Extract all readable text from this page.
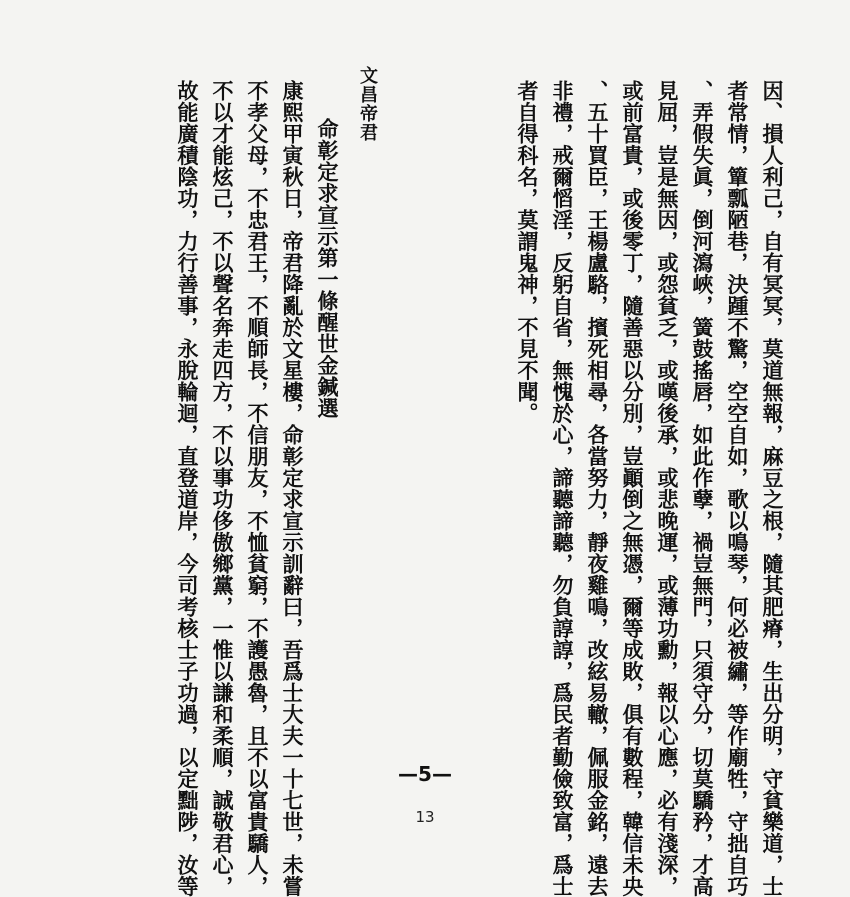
因、損人利己，自有冥冥，莫道無報，麻豆之根，隨其肥瘠，生出分明，守貧樂道，士
者常情，簞瓢陋巷，決踵不驚，空空自如，歌以鳴琴，何必被繡，等作廟牲，守拙自巧
、弄假失眞，倒河瀉峽，簧鼓搖唇，如此作孽，禍豈無門，只須守分，切莫驕矜，才高
見屈，豈是無因，或怨貧乏，或嘆後承，或悲晚運，或薄功勳，報以心應，必有淺深，
或前富貴，或後零丁，隨善惡以分別，豈顚倒之無憑，爾等成敗，俱有數程，韓信未央
、五十買臣，王楊盧駱，擯死相尋，各當努力，靜夜雞鳴，改絃易轍，佩服金銘，遠去
非禮，戒爾慆淫，反躬自省，無愧於心，諦聽諦聽，勿負諄諄，爲民者勤儉致富，爲士
者自得科名，莫謂鬼神，不見不聞。
文昌帝君
命彰定求宣示第一條醒世金鍼選
康熙甲寅秋日，帝君降亂於文星樓，命彰定求宣示訓辭曰，吾爲士大夫一十七世，未嘗
不孝父母，不忠君王，不順師長，不信朋友，不恤貧窮，不護愚魯，且不以富貴驕人，
不以才能炫己，不以聲名奔走四方，不以事功侈傲鄉黨，一惟以謙和柔順，誠敬君心，
故能廣積陰功，力行善事，永脫輪迴，直登道岸，今司考核士子功過，以定黜陟，汝等	—5—
13
